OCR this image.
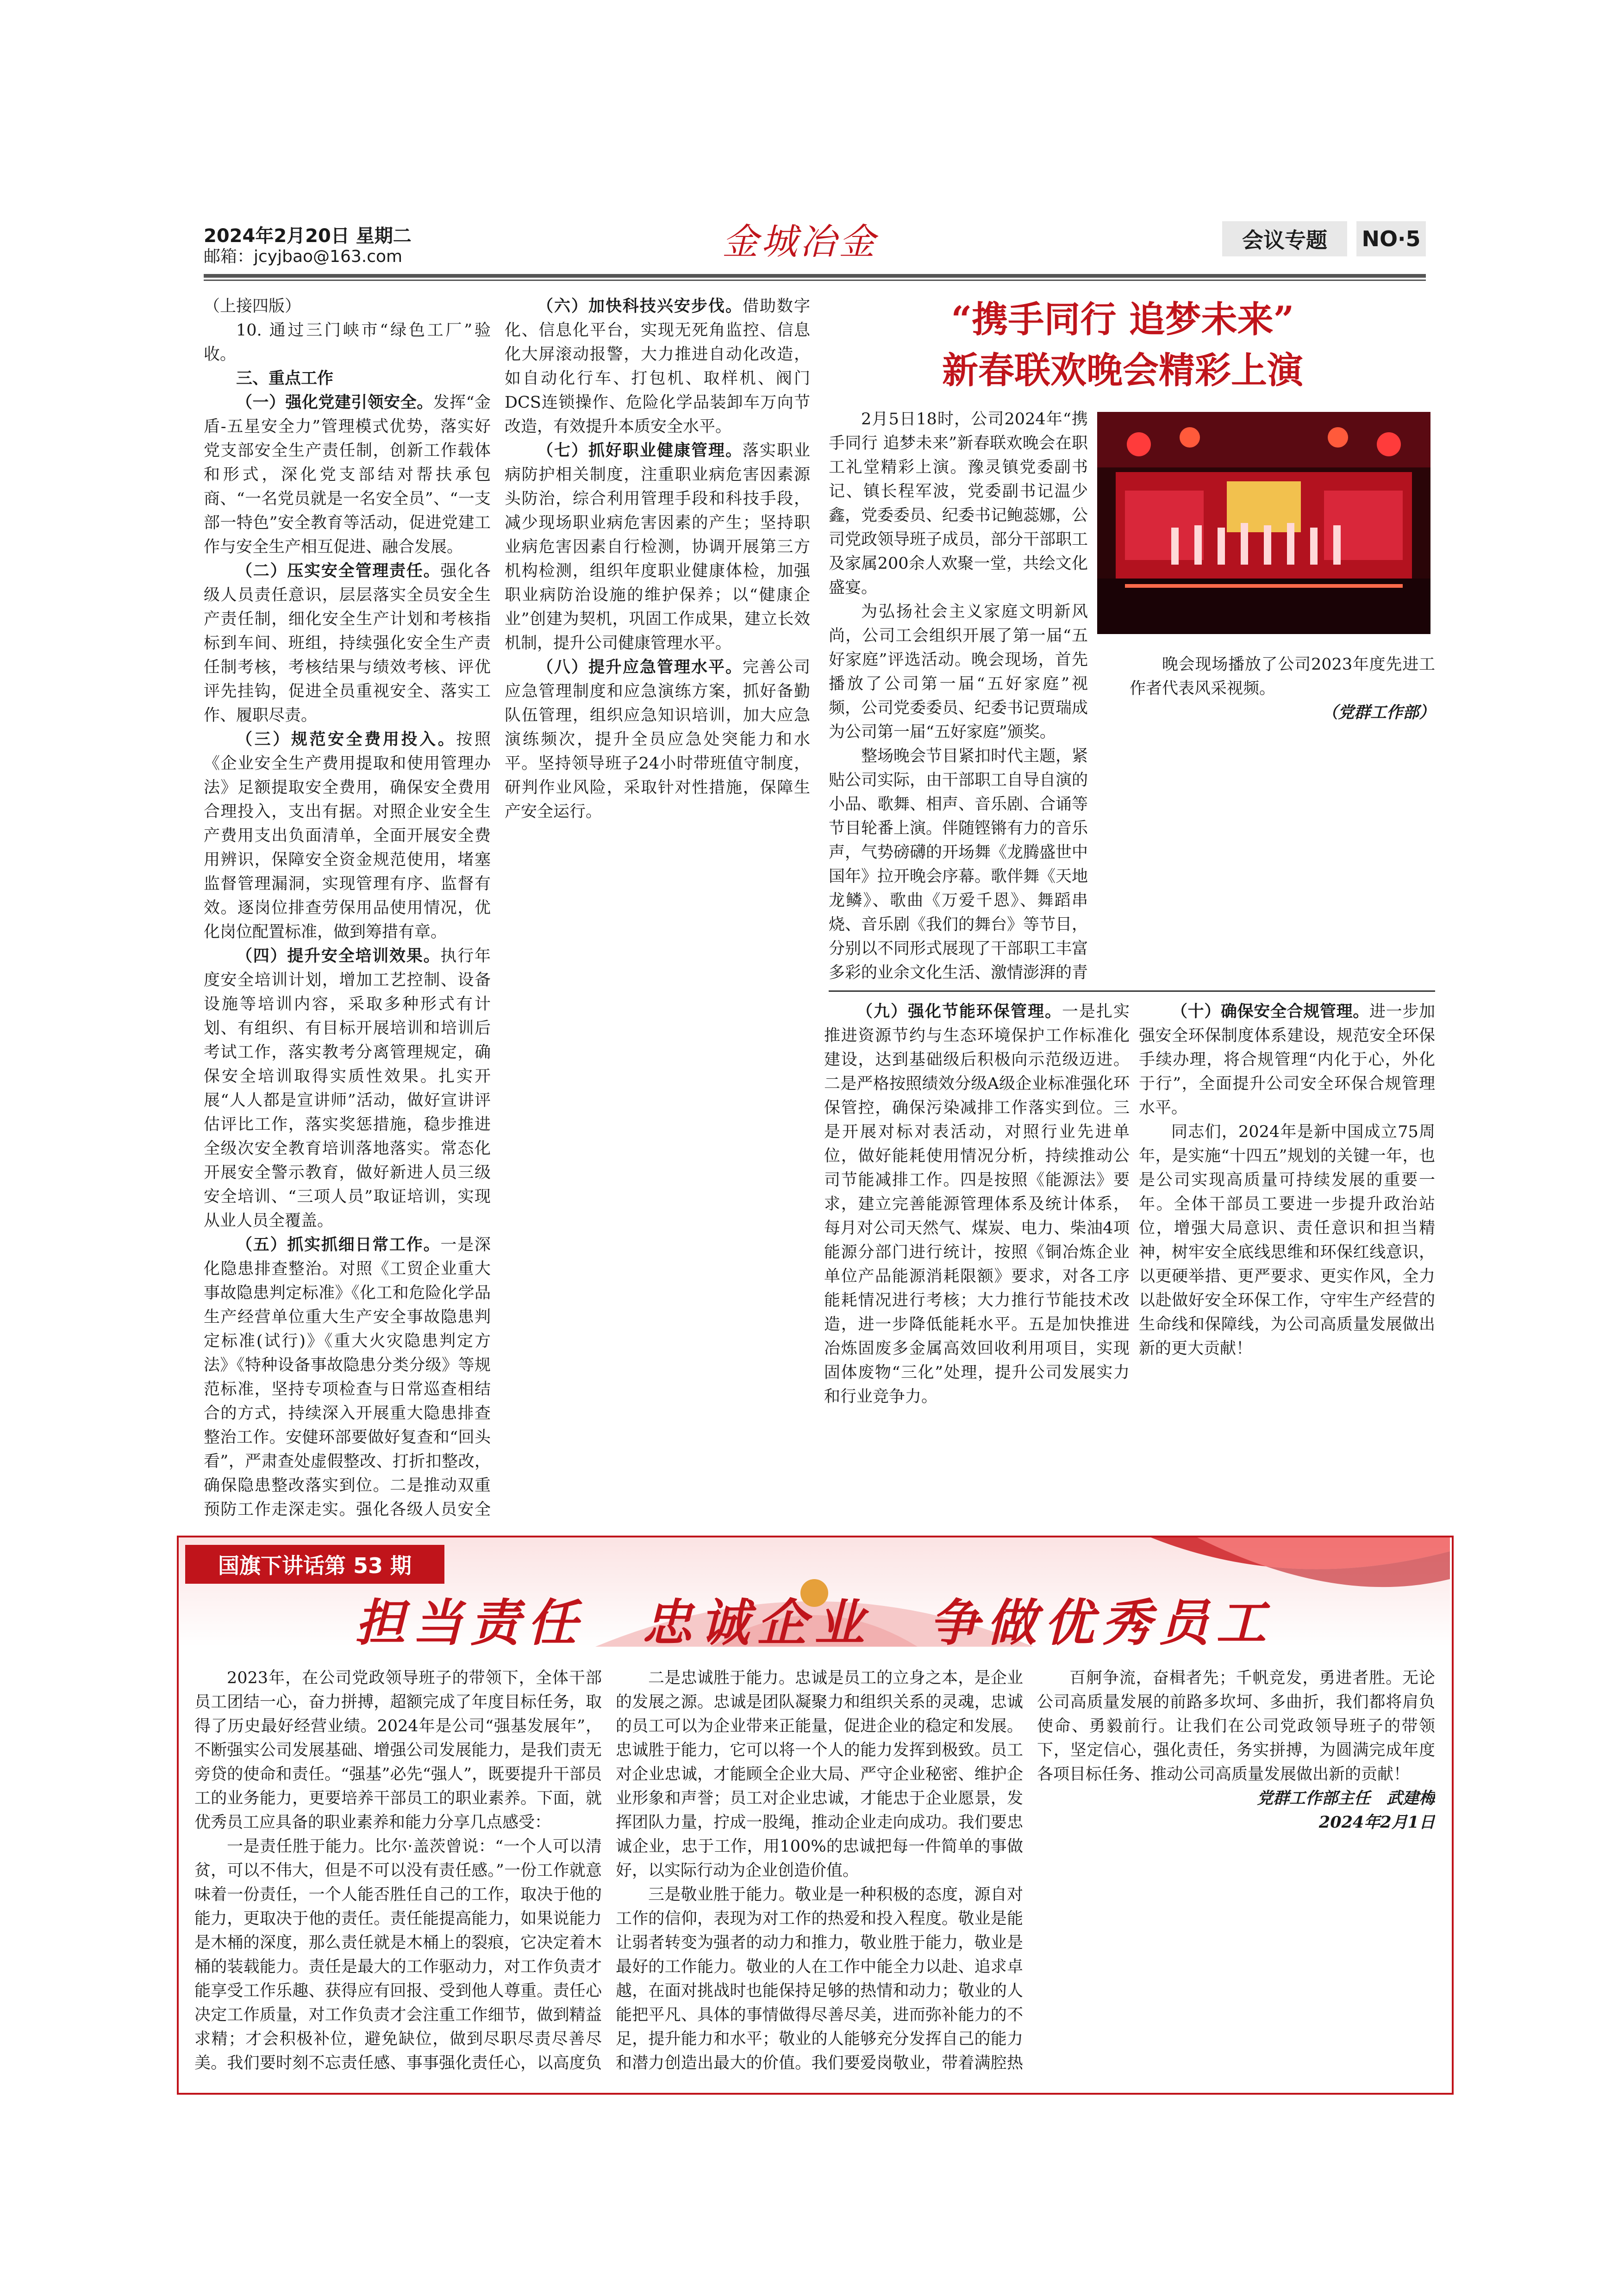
2024年2月20日 星期二
邮箱：jcyjbao@163.com	金城冶金	会议专题	NO·5

（上接四版）

10. 通过三门峡市“绿色工厂”验收。

三、重点工作

（一）强化党建引领安全。发挥“金盾-五星安全力”管理模式优势，落实好党支部安全生产责任制，创新工作载体和形式，深化党支部结对帮扶承包商、“一名党员就是一名安全员”、“一支部一特色”安全教育等活动，促进党建工作与安全生产相互促进、融合发展。

（二）压实安全管理责任。强化各级人员责任意识，层层落实全员安全生产责任制，细化安全生产计划和考核指标到车间、班组，持续强化安全生产责任制考核，考核结果与绩效考核、评优评先挂钩，促进全员重视安全、落实工作、履职尽责。

（三）规范安全费用投入。按照《企业安全生产费用提取和使用管理办法》足额提取安全费用，确保安全费用合理投入，支出有据。对照企业安全生产费用支出负面清单，全面开展安全费用辨识，保障安全资金规范使用，堵塞监督管理漏洞，实现管理有序、监督有效。逐岗位排查劳保用品使用情况，优化岗位配置标准，做到筹措有章。

（四）提升安全培训效果。执行年度安全培训计划，增加工艺控制、设备设施等培训内容，采取多种形式有计划、有组织、有目标开展培训和培训后考试工作，落实教考分离管理规定，确保安全培训取得实质性效果。扎实开展“人人都是宣讲师”活动，做好宣讲评估评比工作，落实奖惩措施，稳步推进全级次安全教育培训落地落实。常态化开展安全警示教育，做好新进人员三级安全培训、“三项人员”取证培训，实现从业人员全覆盖。

（五）抓实抓细日常工作。一是深化隐患排查整治。对照《工贸企业重大事故隐患判定标准》《化工和危险化学品生产经营单位重大生产安全事故隐患判定标准(试行)》《重大火灾隐患判定方法》《特种设备事故隐患分类分级》等规范标准，坚持专项检查与日常巡查相结合的方式，持续深入开展重大隐患排查整治工作。安健环部要做好复查和“回头看”，严肃查处虚假整改、打折扣整改，确保隐患整改落实到位。二是推动双重预防工作走深走实。强化各级人员安全

（六）加快科技兴安步伐。借助数字化、信息化平台，实现无死角监控、信息化大屏滚动报警，大力推进自动化改造，如自动化行车、打包机、取样机、阀门DCS连锁操作、危险化学品装卸车万向节改造，有效提升本质安全水平。

（七）抓好职业健康管理。落实职业病防护相关制度，注重职业病危害因素源头防治，综合利用管理手段和科技手段，减少现场职业病危害因素的产生；坚持职业病危害因素自行检测，协调开展第三方机构检测，组织年度职业健康体检，加强职业病防治设施的维护保养；以“健康企业”创建为契机，巩固工作成果，建立长效机制，提升公司健康管理水平。

（八）提升应急管理水平。完善公司应急管理制度和应急演练方案，抓好备勤队伍管理，组织应急知识培训，加大应急演练频次，提升全员应急处突能力和水平。坚持领导班子24小时带班值守制度，研判作业风险，采取针对性措施，保障生产安全运行。

“携手同行 追梦未来”
新春联欢晚会精彩上演

2月5日18时，公司2024年“携手同行 追梦未来”新春联欢晚会在职工礼堂精彩上演。豫灵镇党委副书记、镇长程军波，党委副书记温少鑫，党委委员、纪委书记鲍蕊娜，公司党政领导班子成员，部分干部职工及家属200余人欢聚一堂，共绘文化盛宴。

为弘扬社会主义家庭文明新风尚，公司工会组织开展了第一届“五好家庭”评选活动。晚会现场，首先播放了公司第一届“五好家庭”视频，公司党委委员、纪委书记贾瑞成为公司第一届“五好家庭”颁奖。

整场晚会节目紧扣时代主题，紧贴公司实际，由干部职工自导自演的小品、歌舞、相声、音乐剧、合诵等节目轮番上演。伴随铿锵有力的音乐声，气势磅礴的开场舞《龙腾盛世中国年》拉开晚会序幕。歌伴舞《天地龙鳞》、歌曲《万爱千恩》、舞蹈串烧、音乐剧《我们的舞台》等节目，分别以不同形式展现了干部职工丰富多彩的业余文化生活、激情澎湃的青

晚会现场播放了公司2023年度先进工作者代表风采视频。

（党群工作部）

（九）强化节能环保管理。一是扎实推进资源节约与生态环境保护工作标准化建设，达到基础级后积极向示范级迈进。二是严格按照绩效分级A级企业标准强化环保管控，确保污染减排工作落实到位。三是开展对标对表活动，对照行业先进单位，做好能耗使用情况分析，持续推动公司节能减排工作。四是按照《能源法》要求，建立完善能源管理体系及统计体系，每月对公司天然气、煤炭、电力、柴油4项能源分部门进行统计，按照《铜冶炼企业单位产品能源消耗限额》要求，对各工序能耗情况进行考核；大力推行节能技术改造，进一步降低能耗水平。五是加快推进冶炼固废多金属高效回收利用项目，实现固体废物“三化”处理，提升公司发展实力和行业竞争力。

（十）确保安全合规管理。进一步加强安全环保制度体系建设，规范安全环保手续办理，将合规管理“内化于心，外化于行”，全面提升公司安全环保合规管理水平。

同志们，2024年是新中国成立75周年，是实施“十四五”规划的关键一年，也是公司实现高质量可持续发展的重要一年。全体干部员工要进一步提升政治站位，增强大局意识、责任意识和担当精神，树牢安全底线思维和环保红线意识，以更硬举措、更严要求、更实作风，全力以赴做好安全环保工作，守牢生产经营的生命线和保障线，为公司高质量发展做出新的更大贡献！

国旗下讲话第 53 期
担当责任　忠诚企业　争做优秀员工

2023年，在公司党政领导班子的带领下，全体干部员工团结一心，奋力拼搏，超额完成了年度目标任务，取得了历史最好经营业绩。2024年是公司“强基发展年”，不断强实公司发展基础、增强公司发展能力，是我们责无旁贷的使命和责任。“强基”必先“强人”，既要提升干部员工的业务能力，更要培养干部员工的职业素养。下面，就优秀员工应具备的职业素养和能力分享几点感受：

一是责任胜于能力。比尔·盖茨曾说：“一个人可以清贫，可以不伟大，但是不可以没有责任感。”一份工作就意味着一份责任，一个人能否胜任自己的工作，取决于他的能力，更取决于他的责任。责任能提高能力，如果说能力是木桶的深度，那么责任就是木桶上的裂痕，它决定着木桶的装载能力。责任是最大的工作驱动力，对工作负责才能享受工作乐趣、获得应有回报、受到他人尊重。责任心决定工作质量，对工作负责才会注重工作细节，做到精益求精；才会积极补位，避免缺位，做到尽职尽责尽善尽美。我们要时刻不忘责任感、事事强化责任心，以高度负

二是忠诚胜于能力。忠诚是员工的立身之本，是企业的发展之源。忠诚是团队凝聚力和组织关系的灵魂，忠诚的员工可以为企业带来正能量，促进企业的稳定和发展。忠诚胜于能力，它可以将一个人的能力发挥到极致。员工对企业忠诚，才能顾全企业大局、严守企业秘密、维护企业形象和声誉；员工对企业忠诚，才能忠于企业愿景，发挥团队力量，拧成一股绳，推动企业走向成功。我们要忠诚企业，忠于工作，用100%的忠诚把每一件简单的事做好，以实际行动为企业创造价值。

三是敬业胜于能力。敬业是一种积极的态度，源自对工作的信仰，表现为对工作的热爱和投入程度。敬业是能让弱者转变为强者的动力和推力，敬业胜于能力，敬业是最好的工作能力。敬业的人在工作中能全力以赴、追求卓越，在面对挑战时也能保持足够的热情和动力；敬业的人能把平凡、具体的事情做得尽善尽美，进而弥补能力的不足，提升能力和水平；敬业的人能够充分发挥自己的能力和潜力创造出最大的价值。我们要爱岗敬业，带着满腔热

百舸争流，奋楫者先；千帆竞发，勇进者胜。无论公司高质量发展的前路多坎坷、多曲折，我们都将肩负使命、勇毅前行。让我们在公司党政领导班子的带领下，坚定信心，强化责任，务实拼搏，为圆满完成年度各项目标任务、推动公司高质量发展做出新的贡献！

党群工作部主任　武建梅

2024年2月1日
